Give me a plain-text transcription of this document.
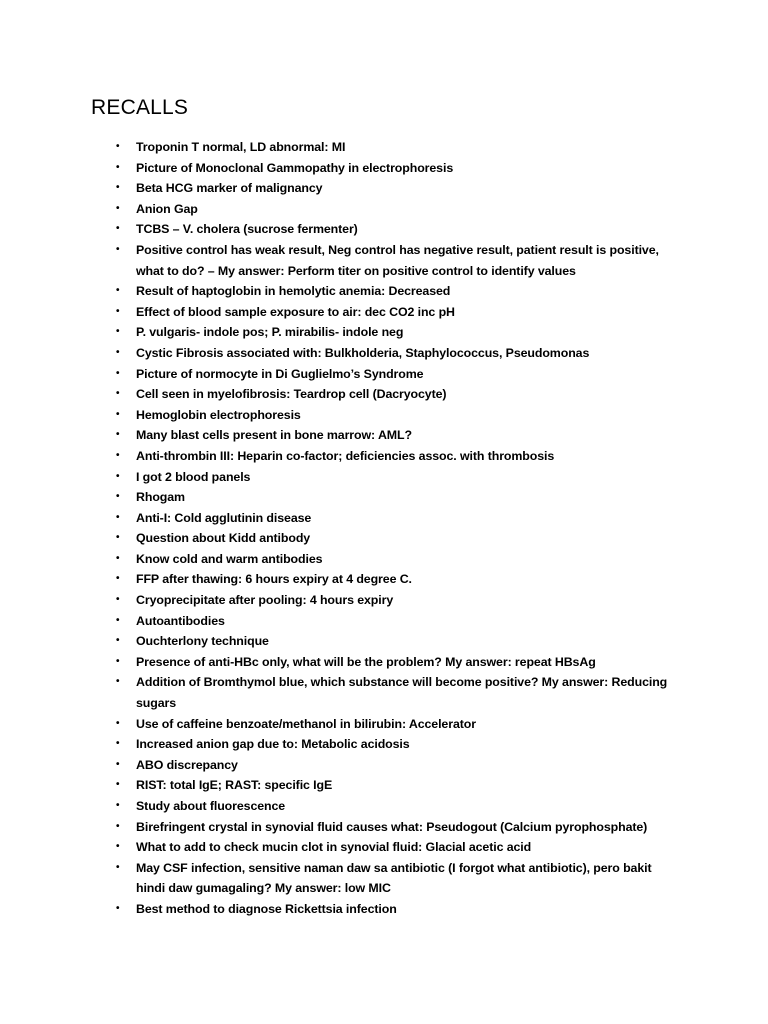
RECALLS
• Troponin T normal, LD abnormal: MI
• Picture of Monoclonal Gammopathy in electrophoresis
• Beta HCG marker of malignancy
• Anion Gap
• TCBS – V. cholera (sucrose fermenter)
• Positive control has weak result, Neg control has negative result, patient result is positive, what to do? – My answer: Perform titer on positive control to identify values
• Result of haptoglobin in hemolytic anemia: Decreased
• Effect of blood sample exposure to air: dec CO2 inc pH
• P. vulgaris- indole pos; P. mirabilis- indole neg
• Cystic Fibrosis associated with: Bulkholderia, Staphylococcus, Pseudomonas
• Picture of normocyte in Di Guglielmo’s Syndrome
• Cell seen in myelofibrosis: Teardrop cell (Dacryocyte)
• Hemoglobin electrophoresis
• Many blast cells present in bone marrow: AML?
• Anti-thrombin III: Heparin co-factor; deficiencies assoc. with thrombosis
• I got 2 blood panels
• Rhogam
• Anti-I: Cold agglutinin disease
• Question about Kidd antibody
• Know cold and warm antibodies
• FFP after thawing: 6 hours expiry at 4 degree C.
• Cryoprecipitate after pooling: 4 hours expiry
• Autoantibodies
• Ouchterlony technique
• Presence of anti-HBc only, what will be the problem? My answer: repeat HBsAg
• Addition of Bromthymol blue, which substance will become positive? My answer: Reducing sugars
• Use of caffeine benzoate/methanol in bilirubin: Accelerator
• Increased anion gap due to: Metabolic acidosis
• ABO discrepancy
• RIST: total IgE; RAST: specific IgE
• Study about fluorescence
• Birefringent crystal in synovial fluid causes what: Pseudogout (Calcium pyrophosphate)
• What to add to check mucin clot in synovial fluid: Glacial acetic acid
• May CSF infection, sensitive naman daw sa antibiotic (I forgot what antibiotic), pero bakit hindi daw gumagaling? My answer: low MIC
• Best method to diagnose Rickettsia infection
